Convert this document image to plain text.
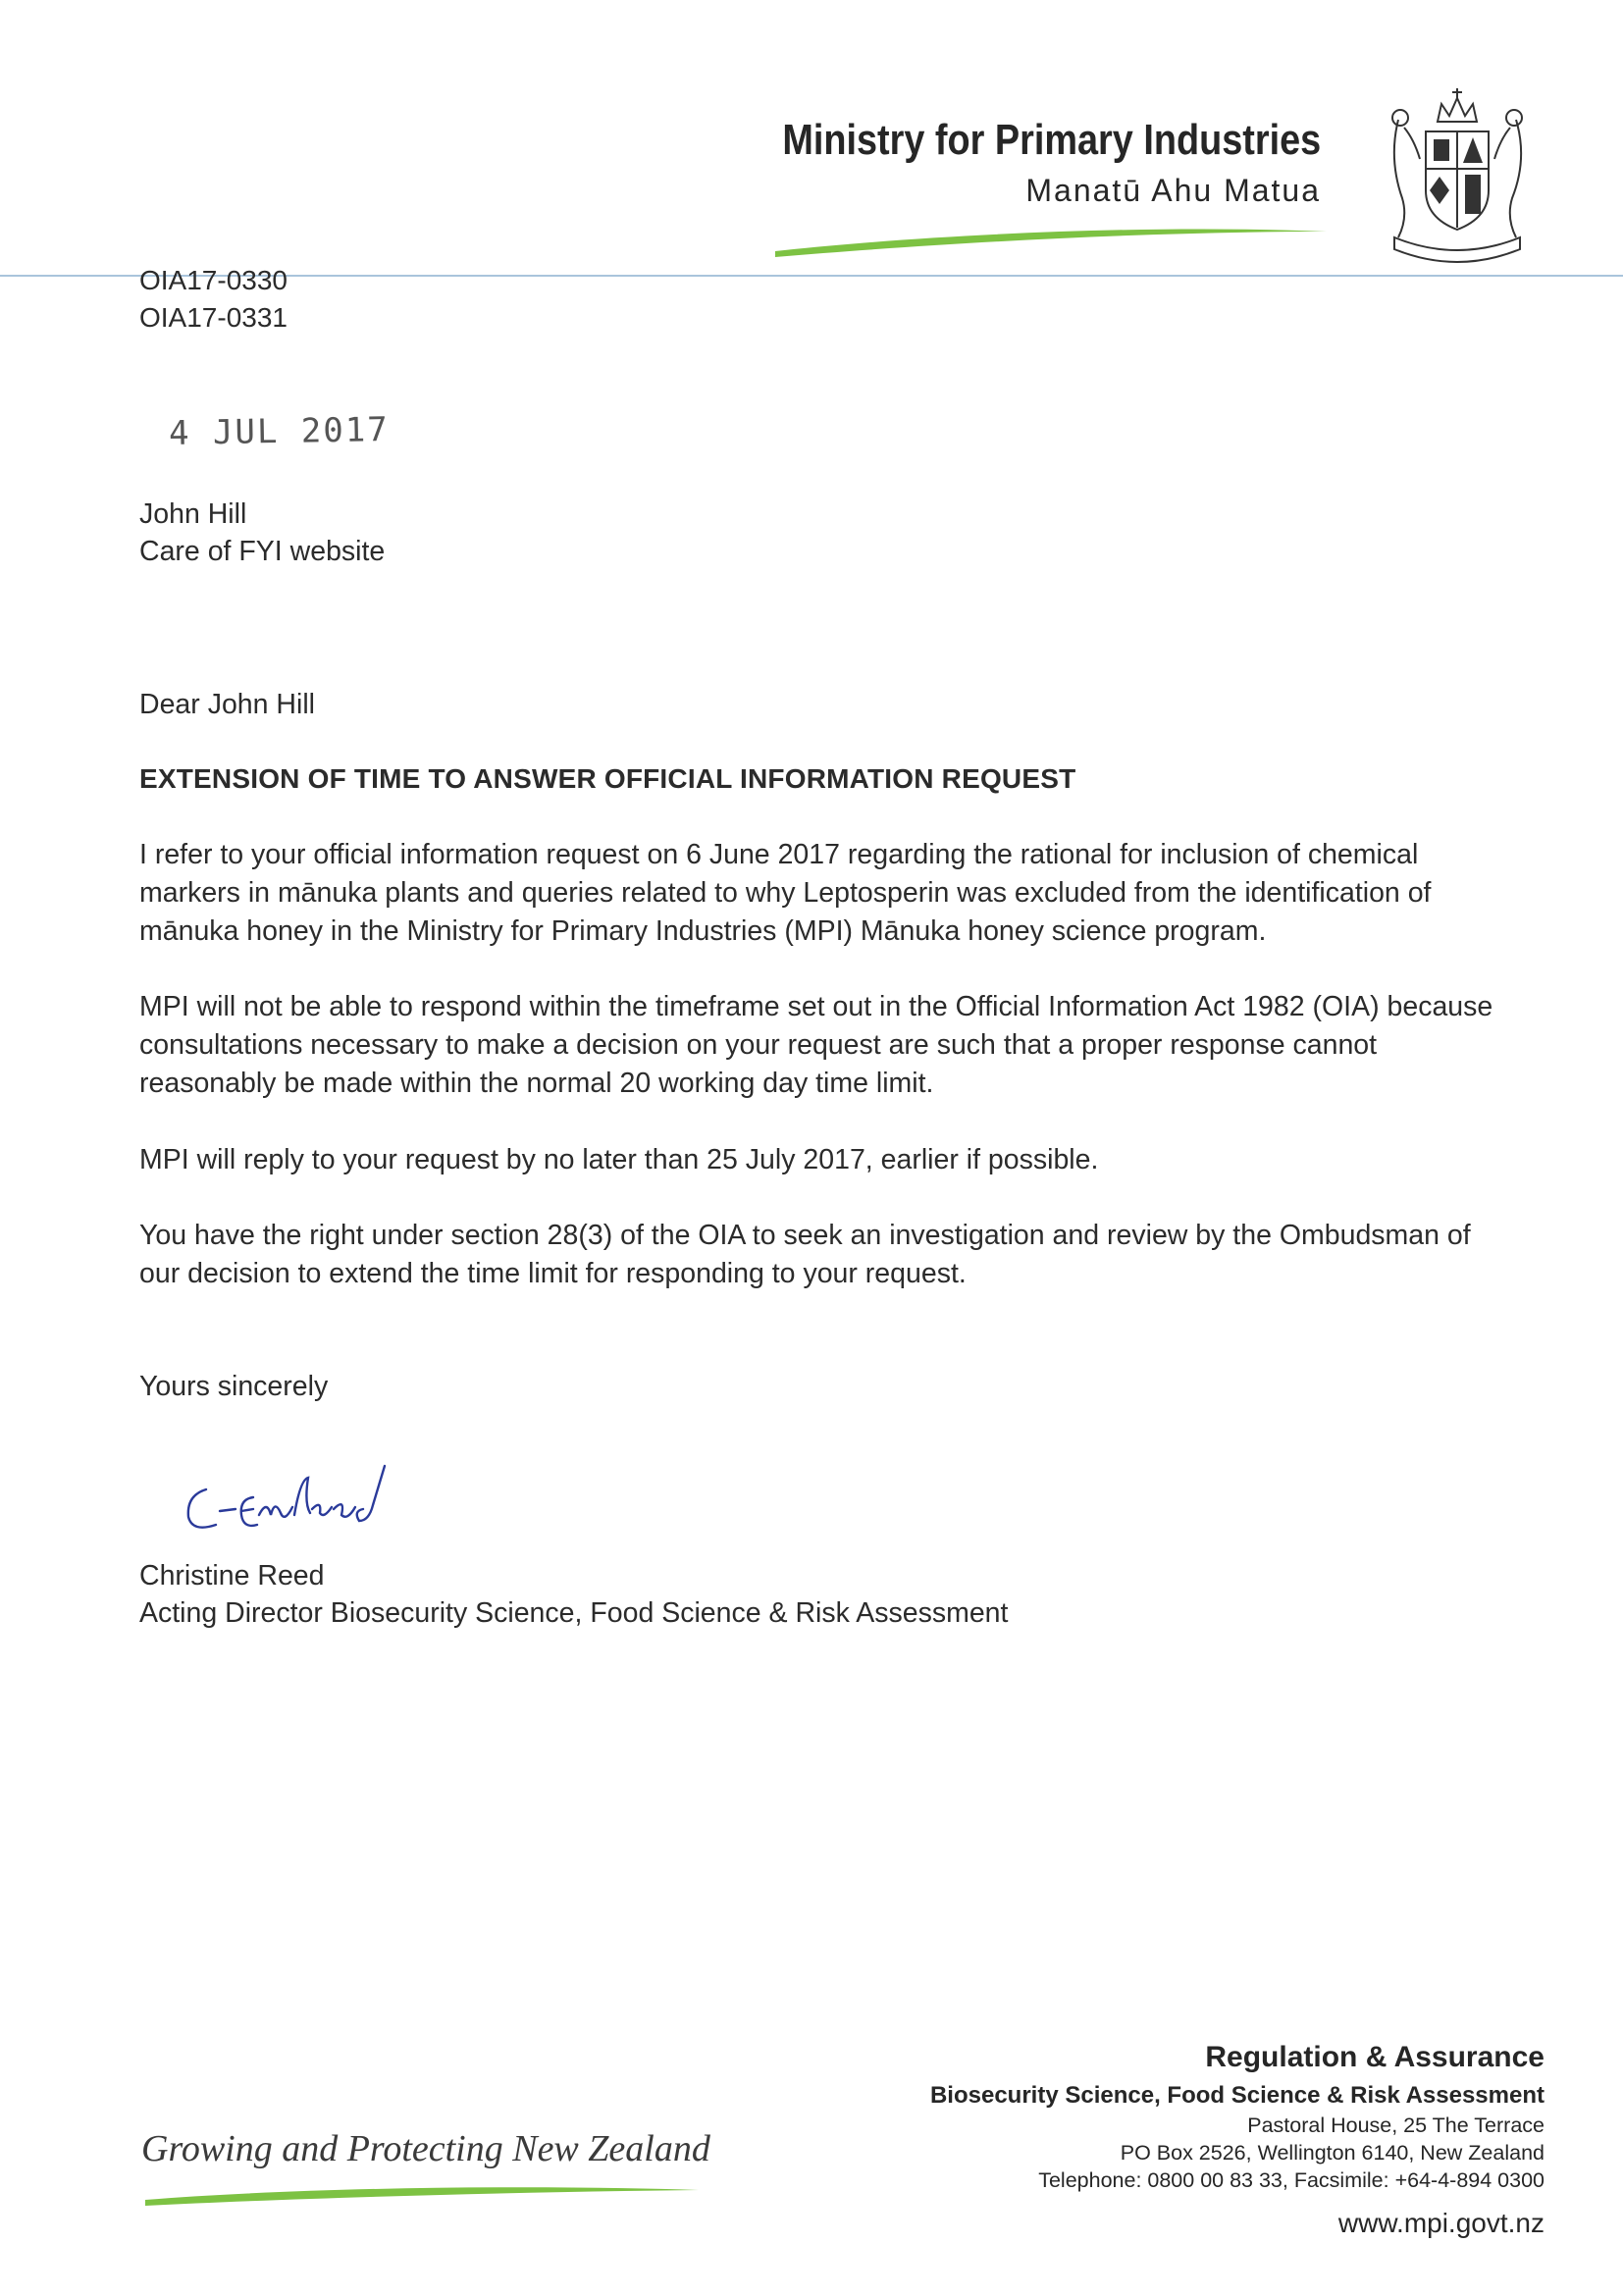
Ministry for Primary Industries
Manatū Ahu Matua
OIA17-0330
OIA17-0331
4 JUL 2017
John Hill
Care of FYI website
Dear John Hill
EXTENSION OF TIME TO ANSWER OFFICIAL INFORMATION REQUEST
I refer to your official information request on 6 June 2017 regarding the rational for inclusion of chemical
markers in mānuka plants and queries related to why Leptosperin was excluded from the identification of
mānuka honey in the Ministry for Primary Industries (MPI) Mānuka honey science program.
MPI will not be able to respond within the timeframe set out in the Official Information Act 1982 (OIA) because
consultations necessary to make a decision on your request are such that a proper response cannot
reasonably be made within the normal 20 working day time limit.
MPI will reply to your request by no later than 25 July 2017, earlier if possible.
You have the right under section 28(3) of the OIA to seek an investigation and review by the Ombudsman of
our decision to extend the time limit for responding to your request.
Yours sincerely
Christine Reed
Acting Director Biosecurity Science, Food Science & Risk Assessment
Growing and Protecting New Zealand
Regulation & Assurance
Biosecurity Science, Food Science & Risk Assessment
Pastoral House, 25 The Terrace
PO Box 2526, Wellington 6140, New Zealand
Telephone: 0800 00 83 33, Facsimile: +64-4-894 0300
www.mpi.govt.nz
